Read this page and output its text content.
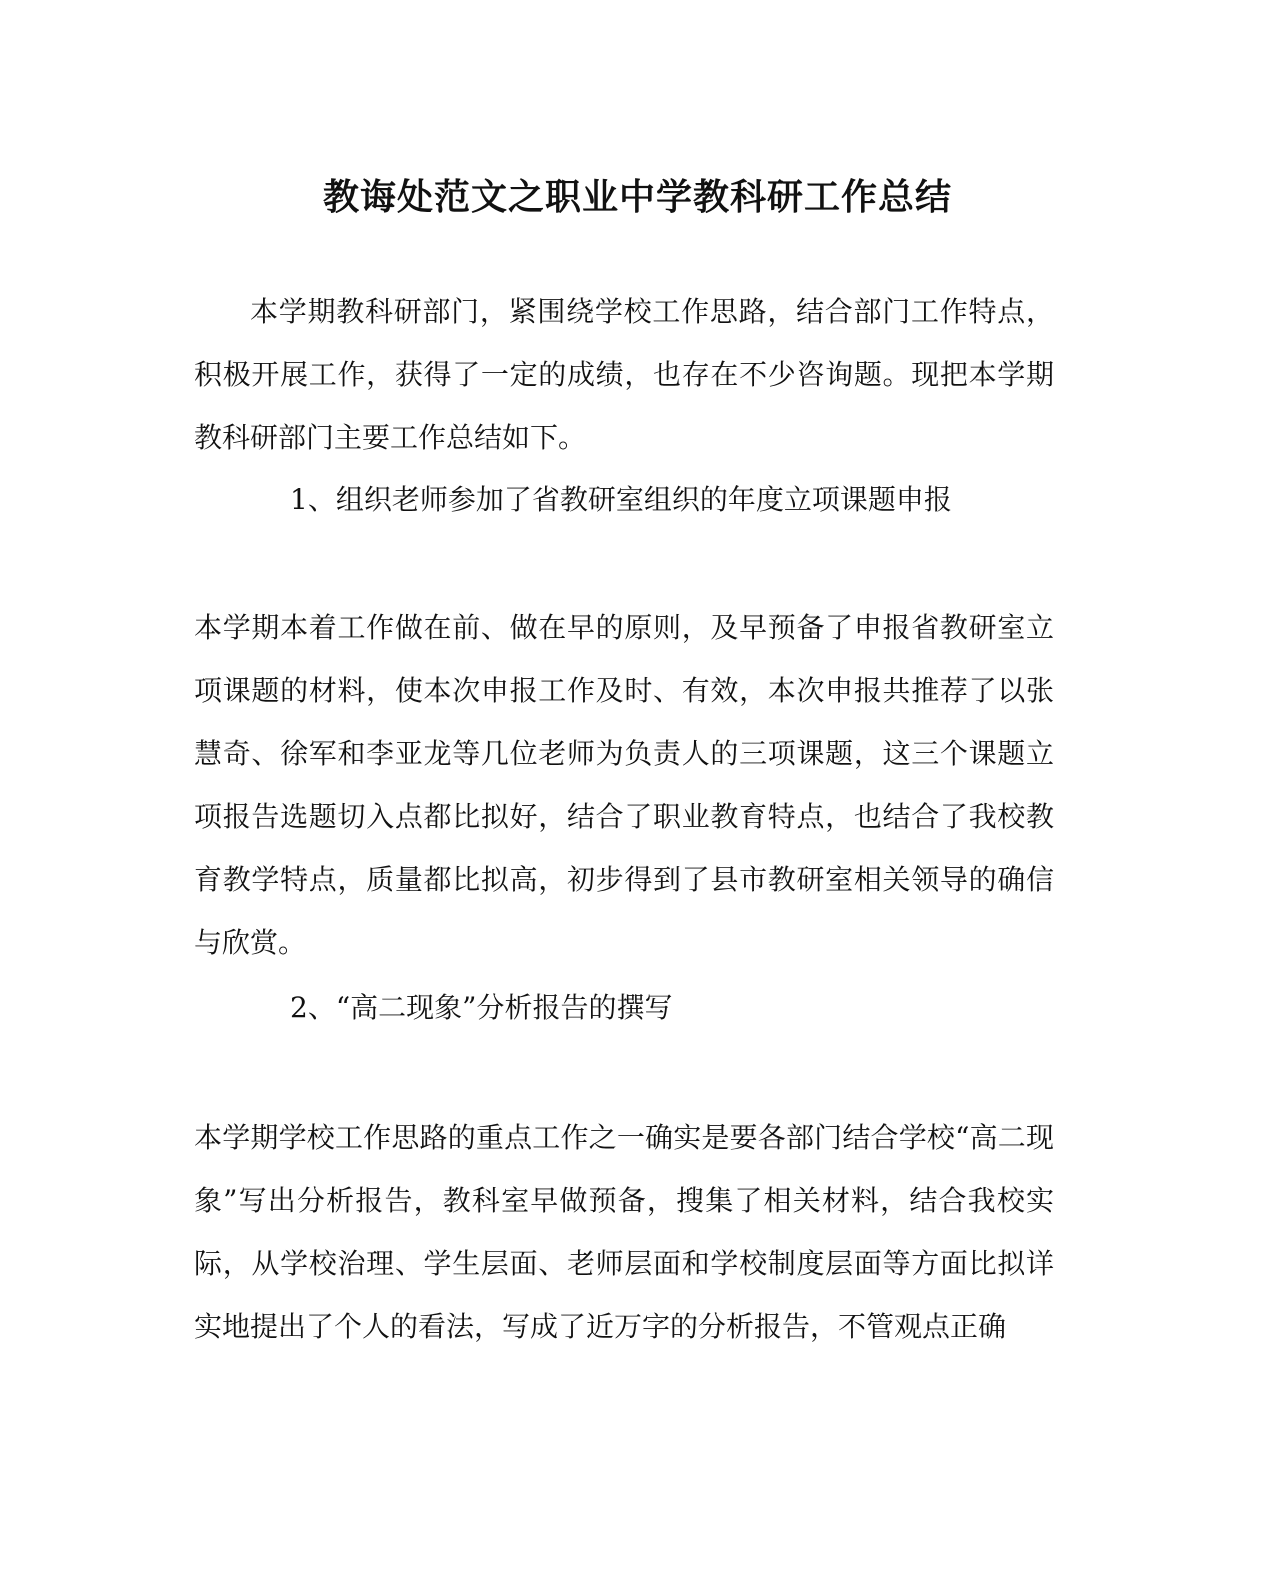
教诲处范文之职业中学教科研工作总结
本学期教科研部门，紧围绕学校工作思路，结合部门工作特点，积极开展工作，获得了一定的成绩，也存在不少咨询题。现把本学期教科研部门主要工作总结如下。
1、组织老师参加了省教研室组织的年度立项课题申报
本学期本着工作做在前、做在早的原则，及早预备了申报省教研室立项课题的材料，使本次申报工作及时、有效，本次申报共推荐了以张慧奇、徐军和李亚龙等几位老师为负责人的三项课题，这三个课题立项报告选题切入点都比拟好，结合了职业教育特点，也结合了我校教育教学特点，质量都比拟高，初步得到了县市教研室相关领导的确信与欣赏。
2、“高二现象”分析报告的撰写
本学期学校工作思路的重点工作之一确实是要各部门结合学校“高二现象”写出分析报告，教科室早做预备，搜集了相关材料，结合我校实际，从学校治理、学生层面、老师层面和学校制度层面等方面比拟详实地提出了个人的看法，写成了近万字的分析报告，不管观点正确
